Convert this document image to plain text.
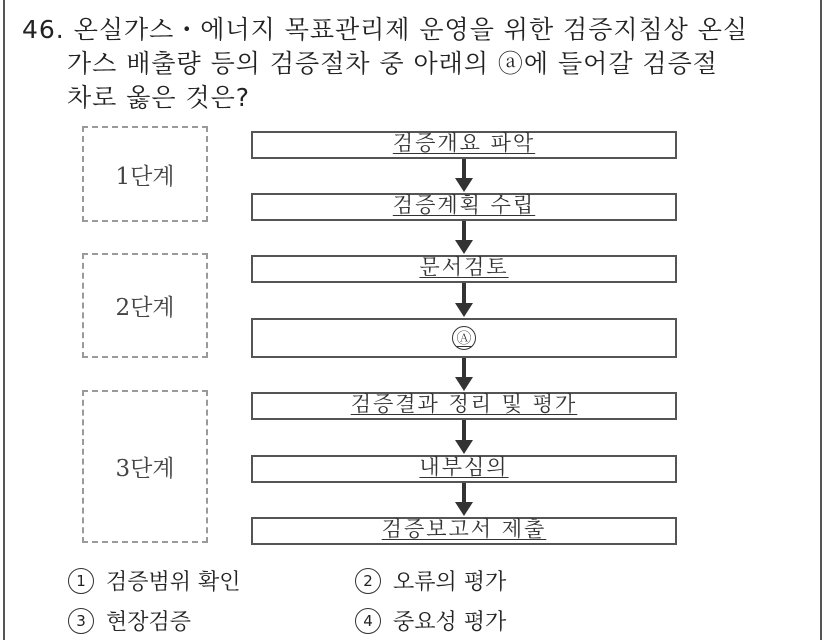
46. 온실가스・에너지 목표관리제 운영을 위한 검증지침상 온실
가스 배출량 등의 검증절차 중 아래의 ⓐ에 들어갈 검증절
차로 옳은 것은?
1단계
2단계
3단계
검증개요 파악
검증계획 수립
문서검토
Ⓐ
검증결과 정리 및 평가
내부심의
검증보고서 제출
1 검증범위 확인	2 오류의 평가
3 현장검증	4 중요성 평가
